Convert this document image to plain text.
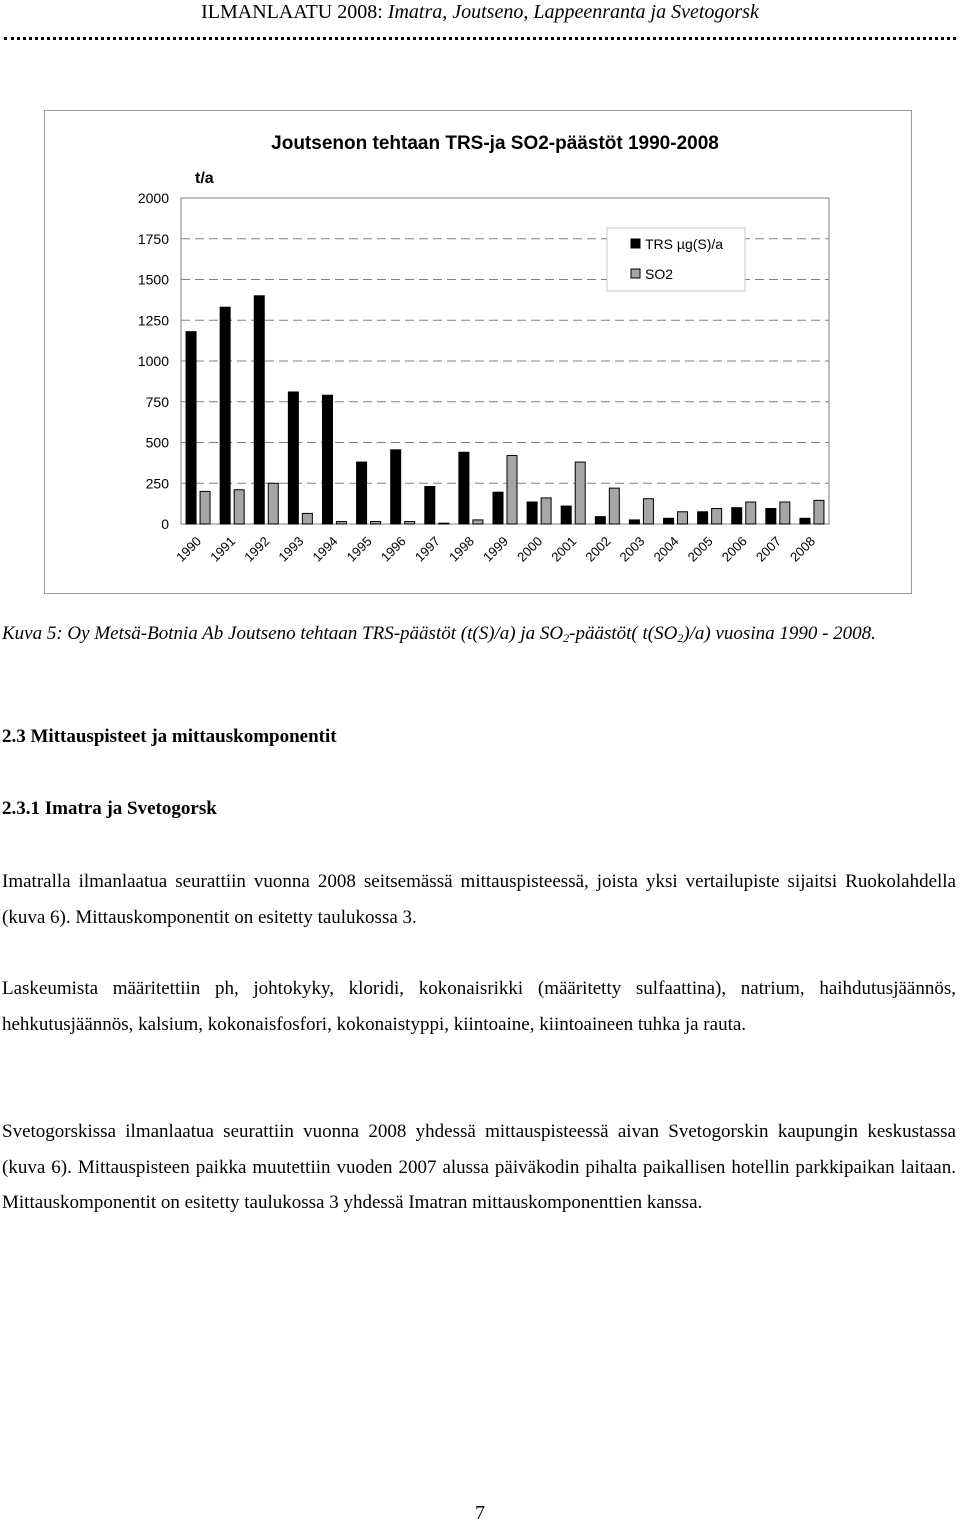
ILMANLAATU 2008: Imatra, Joutseno, Lappeenranta ja Svetogorsk
0
250
500
750
1000
1250
1500
1750
2000
Joutsenon tehtaan TRS-ja SO2-päästöt 1990-2008
t/a
1990 1991 1992 1993 1994 1995 1996 1997 1998 1999 2000 2001 2002 2003 2004 2005 2006 2007 2008
TRS µg(S)/a
SO2
Kuva 5: Oy Metsä-Botnia Ab Joutseno tehtaan TRS-päästöt (t(S)/a) ja $SO_2-päästöt$( $t(SO_2)/a$) vuosina 1990 - 2008.
2.3 Mittauspisteet ja mittauskomponentit
2.3.1 Imatra ja Svetogorsk
Imatralla ilmanlaatua seurattiin vuonna 2008 seitsemässä mittauspisteessä, joista yksi vertailupiste sijaitsi Ruokolahdella (kuva 6). Mittauskomponentit on esitetty taulukossa 3.
Laskeumista määritettiin ph, johtokyky, kloridi, kokonaisrikki (määritetty sulfaattina), natrium, haihdutusjäännös, hehkutusjäännös, kalsium, kokonaisfosfori, kokonaistyppi, kiintoaine, kiintoaineen tuhka ja rauta.
Svetogorskissa ilmanlaatua seurattiin vuonna 2008 yhdessä mittauspisteessä aivan Svetogorskin kaupungin keskustassa (kuva 6). Mittauspisteen paikka muutettiin vuoden 2007 alussa päiväkodin pihalta paikallisen hotellin parkkipaikan laitaan. Mittauskomponentit on esitetty taulukossa 3 yhdessä Imatran mittauskomponenttien kanssa.
7
